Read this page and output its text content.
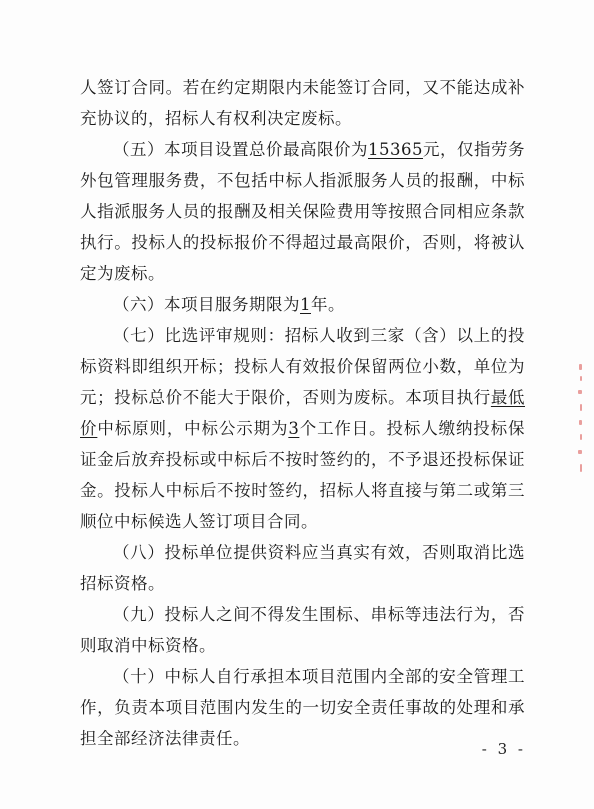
人签订合同。若在约定期限内未能签订合同，又不能达成补充协议的，招标人有权利决定废标。

（五）本项目设置总价最高限价为15365元，仅指劳务外包管理服务费，不包括中标人指派服务人员的报酬，中标人指派服务人员的报酬及相关保险费用等按照合同相应条款执行。投标人的投标报价不得超过最高限价，否则，将被认定为废标。

（六）本项目服务期限为1年。

（七）比选评审规则：招标人收到三家（含）以上的投标资料即组织开标；投标人有效报价保留两位小数，单位为元；投标总价不能大于限价，否则为废标。本项目执行最低价中标原则，中标公示期为3个工作日。投标人缴纳投标保证金后放弃投标或中标后不按时签约的，不予退还投标保证金。投标人中标后不按时签约，招标人将直接与第二或第三顺位中标候选人签订项目合同。

（八）投标单位提供资料应当真实有效，否则取消比选招标资格。

（九）投标人之间不得发生围标、串标等违法行为，否则取消中标资格。

（十）中标人自行承担本项目范围内全部的安全管理工作，负责本项目范围内发生的一切安全责任事故的处理和承担全部经济法律责任。

- 3 -
